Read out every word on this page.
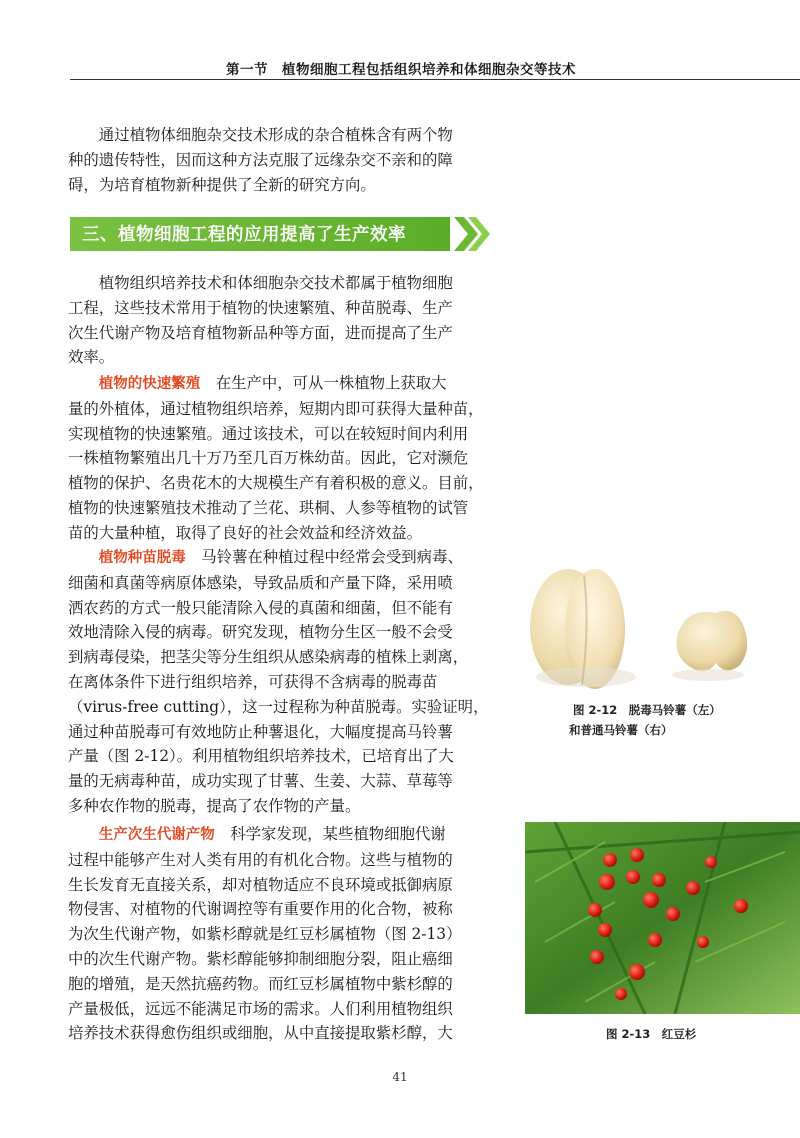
第一节　植物细胞工程包括组织培养和体细胞杂交等技术
通过植物体细胞杂交技术形成的杂合植株含有两个物
种的遗传特性，因而这种方法克服了远缘杂交不亲和的障
碍，为培育植物新种提供了全新的研究方向。
三、植物细胞工程的应用提高了生产效率
植物组织培养技术和体细胞杂交技术都属于植物细胞
工程，这些技术常用于植物的快速繁殖、种苗脱毒、生产
次生代谢产物及培育植物新品种等方面，进而提高了生产
效率。
植物的快速繁殖　 在生产中，可从一株植物上获取大
量的外植体，通过植物组织培养，短期内即可获得大量种苗，
实现植物的快速繁殖。通过该技术，可以在较短时间内利用
一株植物繁殖出几十万乃至几百万株幼苗。因此，它对濒危
植物的保护、名贵花木的大规模生产有着积极的意义。目前，
植物的快速繁殖技术推动了兰花、珙桐、人参等植物的试管
苗的大量种植，取得了良好的社会效益和经济效益。
植物种苗脱毒　 马铃薯在种植过程中经常会受到病毒、
细菌和真菌等病原体感染，导致品质和产量下降，采用喷
洒农药的方式一般只能清除入侵的真菌和细菌，但不能有
效地清除入侵的病毒。研究发现，植物分生区一般不会受
到病毒侵染，把茎尖等分生组织从感染病毒的植株上剥离，
在离体条件下进行组织培养，可获得不含病毒的脱毒苗
（virus-free cutting），这一过程称为种苗脱毒。实验证明，
通过种苗脱毒可有效地防止种薯退化，大幅度提高马铃薯
产量（图 2-12）。利用植物组织培养技术，已培育出了大
量的无病毒种苗，成功实现了甘薯、生姜、大蒜、草莓等
多种农作物的脱毒，提高了农作物的产量。
生产次生代谢产物　 科学家发现，某些植物细胞代谢
过程中能够产生对人类有用的有机化合物。这些与植物的
生长发育无直接关系，却对植物适应不良环境或抵御病原
物侵害、对植物的代谢调控等有重要作用的化合物，被称
为次生代谢产物，如紫杉醇就是红豆杉属植物（图 2-13）
中的次生代谢产物。紫杉醇能够抑制细胞分裂，阻止癌细
胞的增殖，是天然抗癌药物。而红豆杉属植物中紫杉醇的
产量极低，远远不能满足市场的需求。人们利用植物组织
培养技术获得愈伤组织或细胞，从中直接提取紫杉醇，大
图 2-12　脱毒马铃薯（左）
和普通马铃薯（右）
图 2-13　红豆杉
41
